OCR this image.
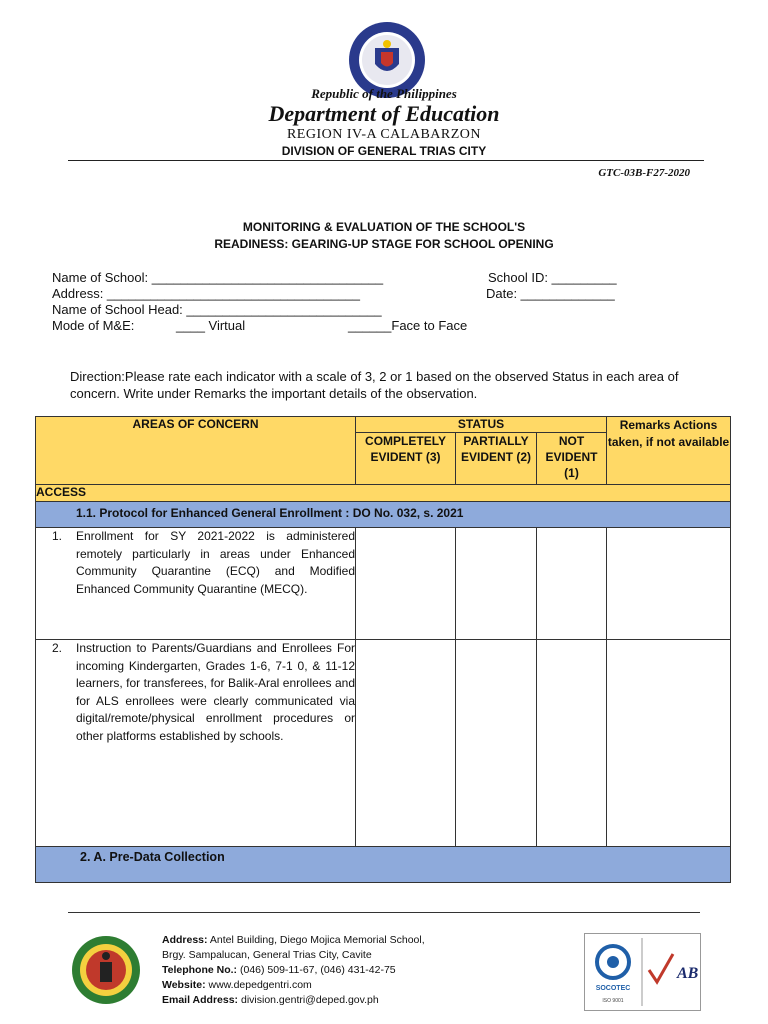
Republic of the Philippines
Department of Education
REGION IV-A CALABARZON
DIVISION OF GENERAL TRIAS CITY
GTC-03B-F27-2020
MONITORING & EVALUATION OF THE SCHOOL'S
READINESS: GEARING-UP STAGE FOR SCHOOL OPENING
Name of School: ________________________________	School ID: _________
Address: ___________________________________	Date: _____________
Name of School Head: ___________________________
Mode of M&E:	____ Virtual	______Face to Face
Direction:Please rate each indicator with a scale of 3, 2 or 1 based on the observed Status in each area of concern. Write under Remarks the important details of the observation.
AREAS OF CONCERN	STATUS			Remarks Actions taken, if not available
	COMPLETELY EVIDENT (3)	PARTIALLY EVIDENT (2)	NOT EVIDENT (1)	
ACCESS				
1.1. Protocol for Enhanced General Enrollment : DO No. 032, s. 2021				

1. Enrollment for SY 2021-2022 is administered remotely particularly in areas under Enhanced Community Quarantine (ECQ) and Modified Enhanced Community Quarantine (MECQ).				

2. Instruction to Parents/Guardians and Enrollees For incoming Kindergarten, Grades 1-6, 7-1 0, & 11-12 learners, for transferees, for Balik-Aral enrollees and for ALS enrollees were clearly communicated via digital/remote/physical enrollment procedures or other platforms established by schools.				

2. A. Pre-Data Collection				
Address: Antel Building, Diego Mojica Memorial School,
Brgy. Sampalucan, General Trias City, Cavite
Telephone No.: (046) 509-11-67, (046) 431-42-75
Website: www.depedgentri.com
Email Address: division.gentri@deped.gov.ph
SOCOTEC
ISO 9001
AB
